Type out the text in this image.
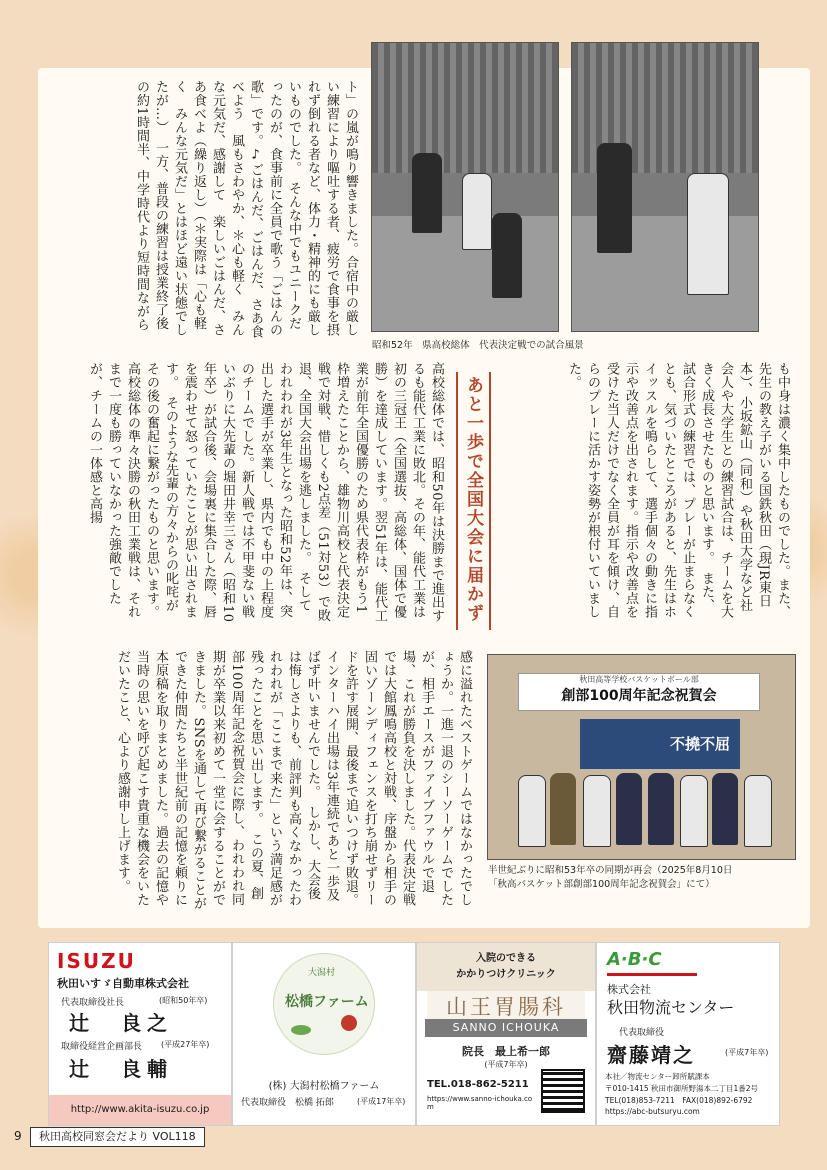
昭和52年　県高校総体　代表決定戦での試合風景
ト」の嵐が鳴り響きました。合宿中の厳しい練習により嘔吐する者、疲労で食事を摂れず倒れる者など、体力・精神的にも厳しいものでした。　そんな中でもユニークだったのが、食事前に全員で歌う「ごはんの歌」です。♪ごはんだ、ごはんだ、さあ食べよう　風もさわやか、＊心も軽く　みんな元気だ、感謝して　楽しいごはんだ、さあ食べよ（繰り返し）（＊実際は「心も軽く　みんな元気だ」とはほど遠い状態でしたが…）　一方、普段の練習は授業終了後の約1時間半、中学時代より短時間ながら
も中身は濃く集中したものでした。また、先生の教え子がいる国鉄秋田（現JR東日本）、小坂鉱山（同和）や秋田大学など社会人や大学生との練習試合は、チームを大きく成長させたものと思います。　また、試合形式の練習では、プレーが止まらなくとも、気づいたところがあると、先生はホイッスルを鳴らして、選手個々の動きに指示や改善点を出されます。指示や改善点を受けた当人だけでなく全員が耳を傾け、自らのプレーに活かす姿勢が根付いていました。
あと一歩で全国大会に届かず
高校総体では、昭和50年は決勝まで進出するも能代工業に敗北。その年、能代工業は初の三冠王（全国選抜、高総体、国体で優勝）を達成しています。翌51年は、能代工業が前年全国優勝のため県代表枠がもう1枠増えたことから、雄物川高校と代表決定戦で対戦、惜しくも2点差（51対53）で敗退、全国大会出場を逃しました。　そしてわれわれが3年生となった昭和52年は、突出した選手が卒業し、県内でも中の上程度のチームでした。新人戦では不甲斐ない戦いぶりに大先輩の堀田井幸三さん（昭和10年卒）が試合後、会場裏に集合した際、唇を震わせて怒っていたことが思い出されます。　そのような先輩の方々からの叱咤がその後の奮起に繋がったものと思います。高校総体の準々決勝の秋田工業戦は、それまで一度も勝っていなかった強敵でしたが、チームの一体感と高揚
感に溢れたベストゲームではなかったでしょうか。一進一退のシーソーゲームでしたが、相手エースがファイブファウルで退場、これが勝負を決しました。代表決定戦では大館鳳鳴高校と対戦、序盤から相手の固いゾーンディフェンスを打ち崩せずリードを許す展開、最後まで追いつけず敗退。インターハイ出場は3年連続であと一歩及ばず叶いませんでした。　しかし、大会後は悔しさよりも、前評判も高くなかったわれわれが「ここまで来た」という満足感が残ったことを思い出します。　この夏、創部100周年記念祝賀会に際し、われわれ同期が卒業以来初めて一堂に会することができました。SNSを通して再び繋がることができた仲間たちと半世紀前の記憶を頼りに本原稿を取りまとめました。過去の記憶や当時の思いを呼び起こす貴重な機会をいただいたこと、心より感謝申し上げます。	秋田高等学校バスケットボール部
創部100周年記念祝賀会
不撓不屈
半世紀ぶりに昭和53年卒の同期が再会（2025年8月10日
「秋高バスケット部創部100周年記念祝賀会」にて）
ISUZU
秋田いすゞ自動車株式会社
代表取締役社長	(昭和50年卒)
辻　良之
取締役経営企画部長 (平成27年卒)
辻　良輔
http://www.akita-isuzu.co.jp
大潟村
松橋ファーム
(株) 大潟村松橋ファーム
代表取締役　松橋 拓郎	(平成17年卒)
入院のできる
かかりつけクリニック
山王胃腸科
SANNO ICHOUKA
院長　最上希一郎
(平成7年卒)
TEL.018-862-5211
https://www.sanno-ichouka.com
A·B·C
株式会社
秋田物流センター
代表取締役
齋藤靖之	(平成7年卒)
本社／物流センター卸所賦課本
〒010-1415 秋田市御所野湯本二丁目1番2号
TEL(018)853-7211　FAX(018)892-6792
https://abc-butsuryu.com
9	秋田高校同窓会だより VOL118
